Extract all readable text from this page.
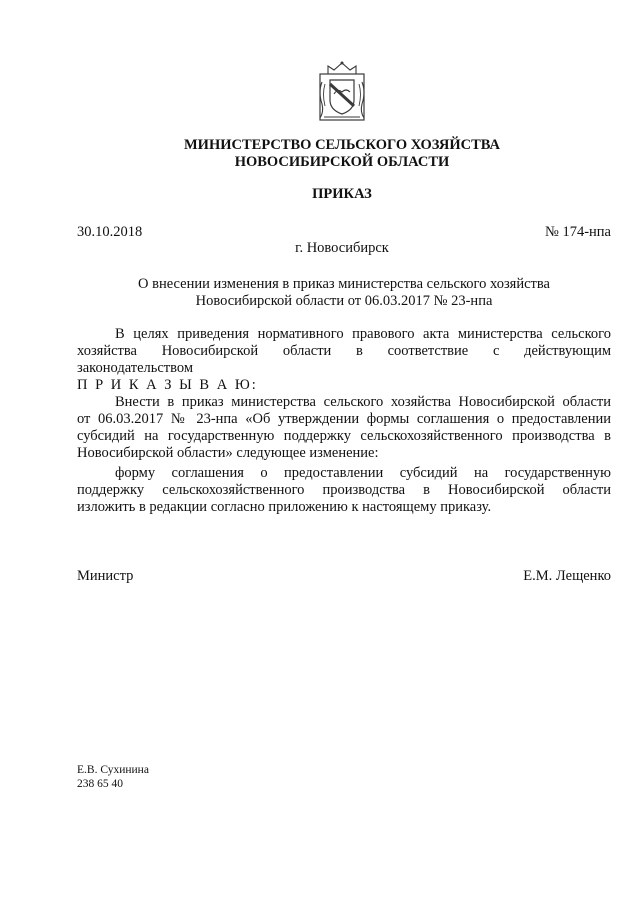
МИНИСТЕРСТВО СЕЛЬСКОГО ХОЗЯЙСТВА
НОВОСИБИРСКОЙ ОБЛАСТИ
ПРИКАЗ
30.10.2018	№ 174-нпа
г. Новосибирск
О внесении изменения в приказ министерства сельского хозяйства
Новосибирской области от 06.03.2017 № 23-нпа
В целях приведения нормативного правового акта министерства сельского
хозяйства Новосибирской области в соответствие с действующим
законодательством
П Р И К А З Ы В А Ю:
Внести в приказ министерства сельского хозяйства Новосибирской области
от 06.03.2017 № 23-нпа «Об утверждении формы соглашения о предоставлении
субсидий на государственную поддержку сельскохозяйственного производства в
Новосибирской области» следующее изменение:
форму соглашения о предоставлении субсидий на государственную
поддержку сельскохозяйственного производства в Новосибирской области
изложить в редакции согласно приложению к настоящему приказу.
Министр	Е.М. Лещенко
Е.В. Сухинина
238 65 40
